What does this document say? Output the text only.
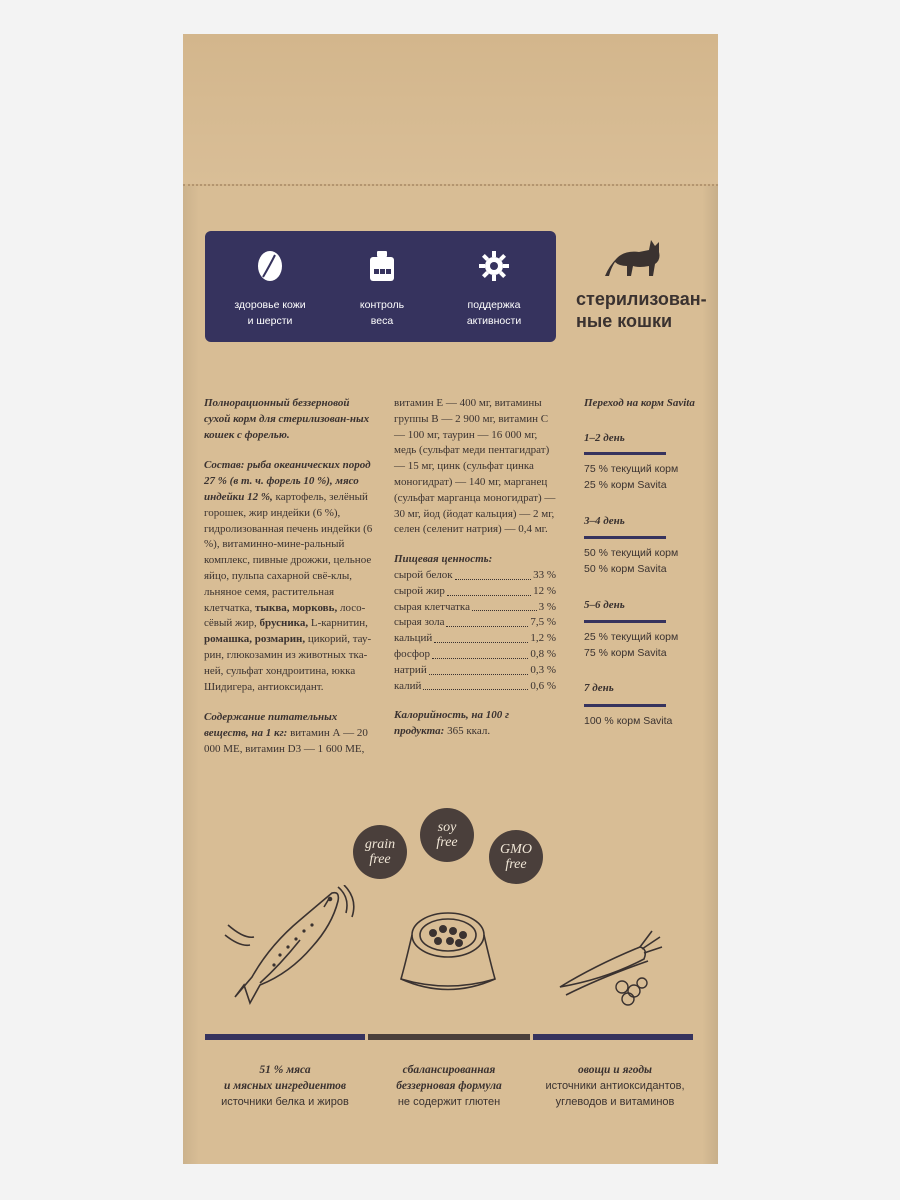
здоровье кожи
и шерсти
контроль
веса
поддержка
активности
стерилизован-
ные кошки
Полнорационный беззерновой сухой корм для стерилизован-ных кошек с форелью.
Состав: рыба океанических пород 27 % (в т. ч. форель 10 %), мясо индейки 12 %, картофель, зелёный горошек, жир индейки (6 %), гидролизованная печень индейки (6 %), витаминно-мине-ральный комплекс, пивные дрожжи, цельное яйцо, пульпа сахарной свё-клы, льняное семя, растительная клетчатка, тыква, морковь, лосо-сёвый жир, брусника, L-карнитин, ромашка, розмарин, цикорий, тау-рин, глюкозамин из животных тка-ней, сульфат хондроитина, юкка Шидигера, антиоксидант.
Содержание питательных веществ, на 1 кг: витамин А — 20 000 МЕ, витамин D3 — 1 600 МЕ,
витамин Е — 400 мг, витамины группы В — 2 900 мг, витамин С — 100 мг, таурин — 16 000 мг, медь (сульфат меди пентагидрат) — 15 мг, цинк (сульфат цинка моногидрат) — 140 мг, марганец (сульфат марганца моногидрат) — 30 мг, йод (йодат кальция) — 2 мг, селен (селенит натрия) — 0,4 мг.
Пищевая ценность:
сырой белок	33 %
сырой жир	12 %
сырая клетчатка	3 %
сырая зола	7,5 %
кальций	1,2 %
фосфор	0,8 %
натрий	0,3 %
калий	0,6 %
Калорийность, на 100 г продукта: 365 ккал.
Переход на корм Savita
1–2 день
75 % текущий корм
25 % корм Savita
3–4 день
50 % текущий корм
50 % корм Savita
5–6 день
25 % текущий корм
75 % корм Savita
7 день
100 % корм Savita
grain
free
soy
free	GMO
free
51 % мяса
и мясных ингредиентов
источники белка и жиров
сбалансированная
беззерновая формула
не содержит глютен
овощи и ягоды
источники антиоксидантов,
углеводов и витаминов
